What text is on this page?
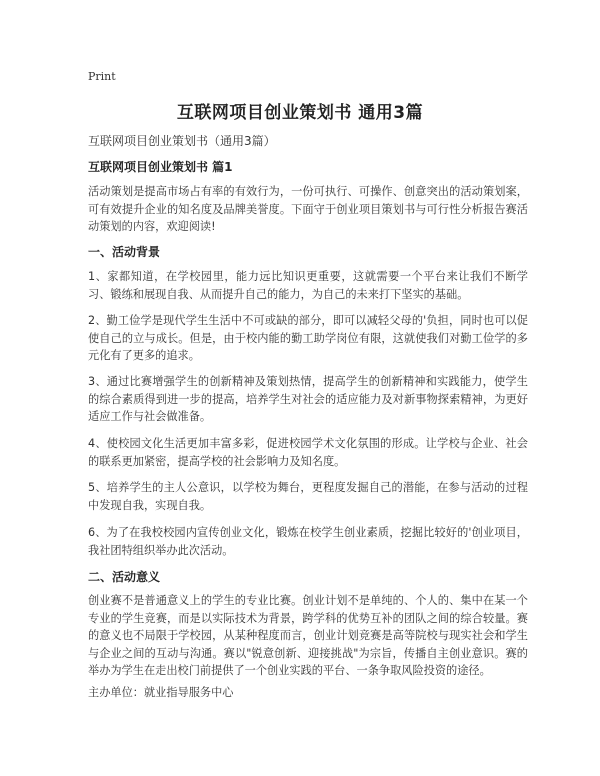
Print
互联网项目创业策划书 通用3篇
互联网项目创业策划书（通用3篇）
互联网项目创业策划书 篇1
活动策划是提高市场占有率的有效行为，一份可执行、可操作、创意突出的活动策划案，可有效提升企业的知名度及品牌美誉度。下面守于创业项目策划书与可行性分析报告赛活动策划的内容，欢迎阅读!
一、活动背景
1、家都知道，在学校园里，能力远比知识更重要，这就需要一个平台来让我们不断学习、锻练和展现自我、从而提升自己的能力，为自己的未来打下坚实的基础。
2、勤工俭学是现代学生生活中不可或缺的部分，即可以减轻父母的'负担，同时也可以促使自己的立与成长。但是，由于校内能的勤工助学岗位有限，这就使我们对勤工俭学的多元化有了更多的追求。
3、通过比赛增强学生的创新精神及策划热情，提高学生的创新精神和实践能力，使学生的综合素质得到进一步的提高，培养学生对社会的适应能力及对新事物探索精神，为更好适应工作与社会做准备。
4、使校园文化生活更加丰富多彩，促进校园学术文化氛围的形成。让学校与企业、社会的联系更加紧密，提高学校的社会影响力及知名度。
5、培养学生的主人公意识，以学校为舞台，更程度发掘自己的潜能，在参与活动的过程中发现自我，实现自我。
6、为了在我校校园内宣传创业文化，锻炼在校学生创业素质，挖掘比较好的'创业项目，我社团特组织举办此次活动。
二、活动意义
创业赛不是普通意义上的学生的专业比赛。创业计划不是单纯的、个人的、集中在某一个专业的学生竞赛，而是以实际技术为背景，跨学科的优势互补的团队之间的综合较量。赛的意义也不局限于学校园，从某种程度而言，创业计划竞赛是高等院校与现实社会和学生与企业之间的互动与沟通。赛以"锐意创新、迎接挑战"为宗旨，传播自主创业意识。赛的举办为学生在走出校门前提供了一个创业实践的平台、一条争取风险投资的途径。
主办单位：就业指导服务中心
